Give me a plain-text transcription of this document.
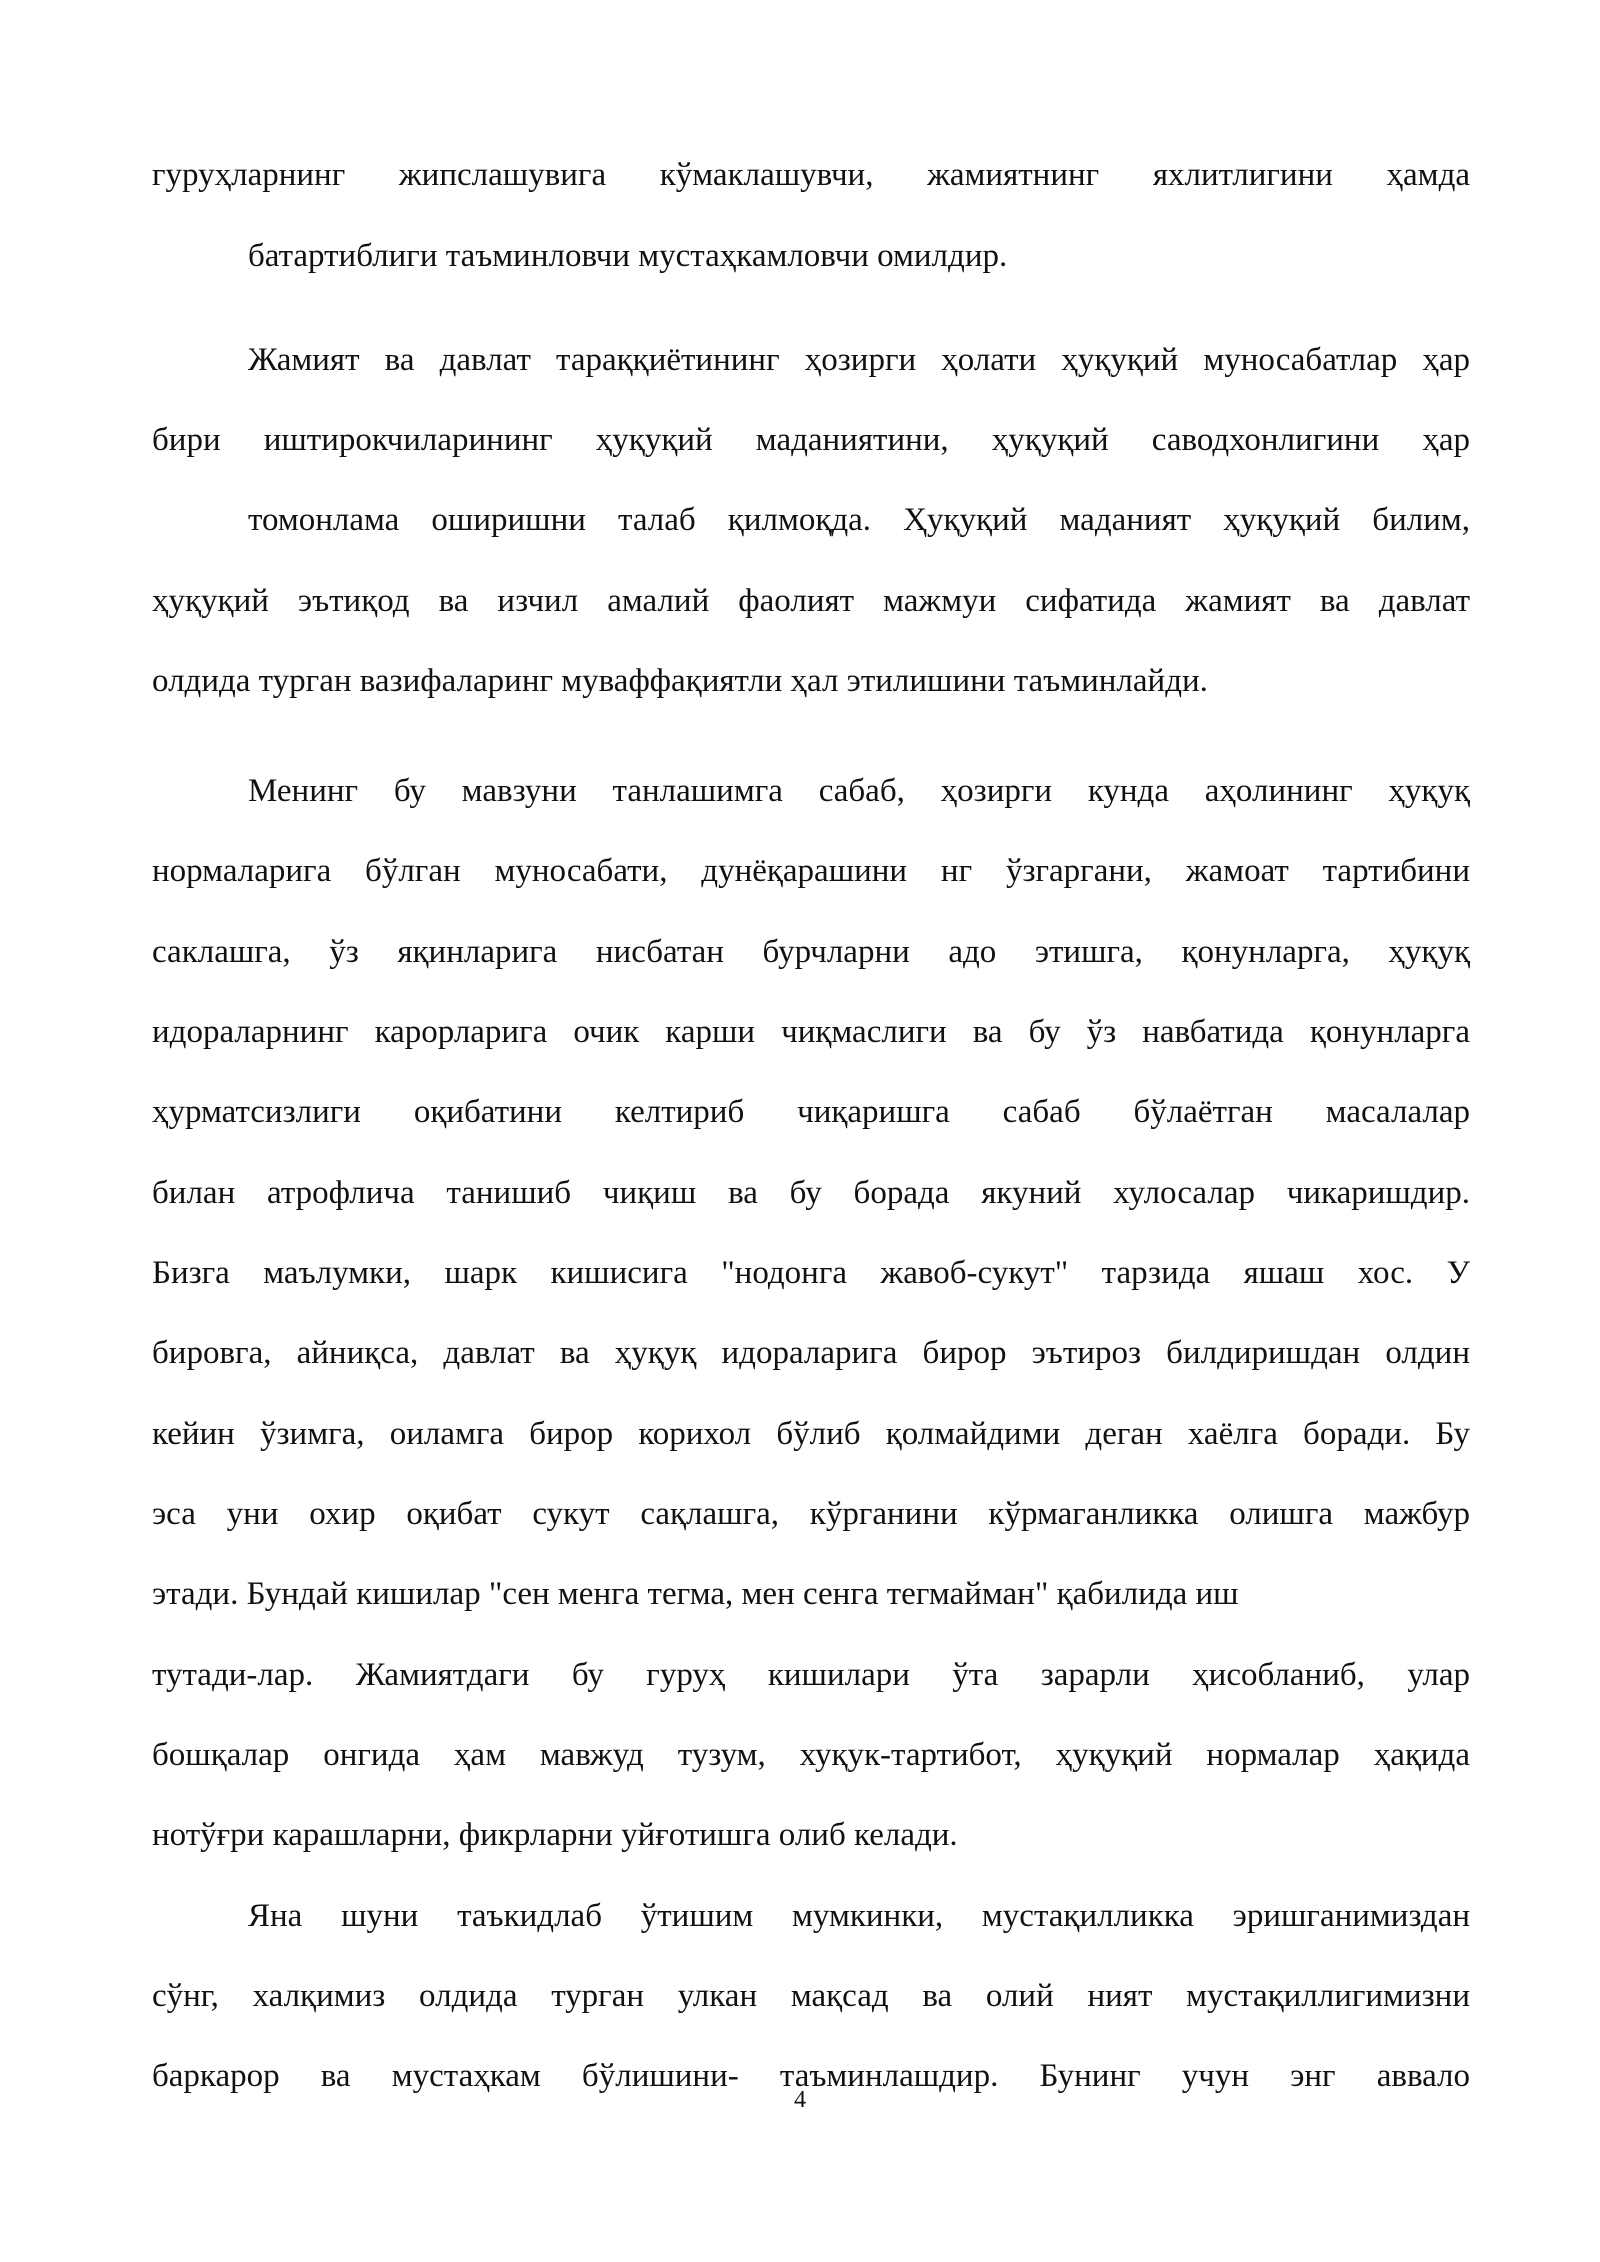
гуруҳларнинг жипслашувига кўмаклашувчи, жамиятнинг яхлитлигини ҳамда

батартиблиги таъминловчи мустаҳкамловчи омилдир.

Жамият ва давлат тараққиётининг ҳозирги ҳолати ҳуқуқий муносабатлар ҳар

бири иштирокчиларининг ҳуқуқий маданиятини, ҳуқуқий саводхонлигини ҳар

томонлама оширишни талаб қилмоқда. Ҳуқуқий маданият ҳуқуқий билим,

ҳуқуқий эътиқод ва изчил амалий фаолият мажмуи сифатида жамият ва давлат

олдида турган вазифаларинг муваффақиятли ҳал этилишини таъминлайди.

Менинг бу мавзуни танлашимга сабаб, ҳозирги кунда аҳолининг ҳуқуқ

нормаларига бўлган муносабати, дунёқарашини нг ўзгаргани, жамоат тартибини

саклашга, ўз яқинларига нисбатан бурчларни адо этишга, қонунларга, ҳуқуқ

идораларнинг карорларига очик карши чиқмаслиги ва бу ўз навбатида қонунларга

ҳурматсизлиги оқибатини келтириб чиқаришга сабаб бўлаётган масалалар

билан атрофлича танишиб чиқиш ва бу борада якуний хулосалар чикаришдир.

Бизга маълумки, шарк кишисига "нодонга жавоб-сукут" тарзида яшаш хос. У

бировга, айниқса, давлат ва ҳуқуқ идораларига бирор эътироз билдиришдан олдин

кейин ўзимга, оиламга бирор корихол бўлиб қолмайдими деган хаёлга боради. Бу

эса уни охир оқибат сукут сақлашга, кўрганини кўрмаганликка олишга мажбур

этади. Бундай кишилар "сен менга тегма, мен сенга тегмайман" қабилида иш

тутади-лар. Жамиятдаги бу гуруҳ кишилари ўта зарарли ҳисобланиб, улар

бошқалар онгида ҳам мавжуд тузум, хуқук-тартибот, ҳуқуқий нормалар ҳақида

нотўғри карашларни, фикрларни уйғотишга олиб келади.

Яна шуни таъкидлаб ўтишим мумкинки, мустақилликка эришганимиздан

сўнг, халқимиз олдида турган улкан мақсад ва олий ният мустақиллигимизни

баркарор ва мустаҳкам бўлишини- таъминлашдир. Бунинг учун энг аввало

4
